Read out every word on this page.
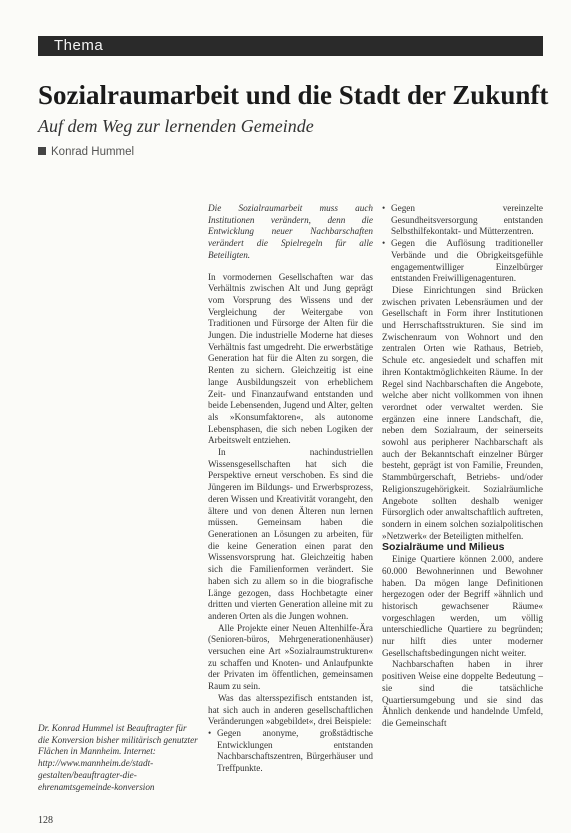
Thema
Sozialraumarbeit und die Stadt der Zukunft
Auf dem Weg zur lernenden Gemeinde
Konrad Hummel

Die Sozialraumarbeit muss auch Institutionen verändern, denn die Entwicklung neuer Nachbarschaften verändert die Spielregeln für alle Beteiligten.

In vormodernen Gesellschaften war das Verhältnis zwischen Alt und Jung geprägt vom Vorsprung des Wissens und der Vergleichung der Weitergabe von Traditionen und Fürsorge der Alten für die Jungen. Die industrielle Moderne hat dieses Verhältnis fast umgedreht. Die erwerbstätige Generation hat für die Alten zu sorgen, die Renten zu sichern. Gleichzeitig ist eine lange Ausbildungszeit von erheblichem Zeit- und Finanzaufwand entstanden und beide Lebensenden, Jugend und Alter, gelten als »Konsumfaktoren«, als autonome Lebensphasen, die sich neben Logiken der Arbeitswelt entziehen.

In nachindustriellen Wissensgesellschaften hat sich die Perspektive erneut verschoben. Es sind die Jüngeren im Bildungs- und Erwerbsprozess, deren Wissen und Kreativität vorangeht, den ältere und von denen Älteren nun lernen müssen. Gemeinsam haben die Generationen an Lösungen zu arbeiten, für die keine Generation einen parat den Wissensvorsprung hat. Gleichzeitig haben sich die Familienformen verändert. Sie haben sich zu allem so in die biografische Länge gezogen, dass Hochbetagte einer dritten und vierten Generation alleine mit zu anderen Orten als die Jungen wohnen.

Alle Projekte einer Neuen Altenhilfe-Ära (Senioren-büros, Mehrgenerationenhäuser) versuchen eine Art »Sozialraumstrukturen« zu schaffen und Knoten- und Anlaufpunkte der Privaten im öffentlichen, gemeinsamen Raum zu sein.

Was das altersspezifisch entstanden ist, hat sich auch in anderen gesellschaftlichen Veränderungen »abgebildet«, drei Beispiele:

• Gegen anonyme, großstädtische Entwicklungen entstanden Nachbarschaftszentren, Bürgerhäuser und Treffpunkte.
• Gegen vereinzelte Gesundheitsversorgung entstanden Selbsthilfekontakt- und Mütterzentren.
• Gegen die Auflösung traditioneller Verbände und die Obrigkeitsgefühle engagementwilliger Einzelbürger entstanden Freiwilligenagenturen.

Diese Einrichtungen sind Brücken zwischen privaten Lebensräumen und der Gesellschaft in Form ihrer Institutionen und Herrschaftsstrukturen. Sie sind im Zwischenraum von Wohnort und den zentralen Orten wie Rathaus, Betrieb, Schule etc. angesiedelt und schaffen mit ihren Kontaktmöglichkeiten Räume. In der Regel sind Nachbarschaften die Angebote, welche aber nicht vollkommen von ihnen verordnet oder verwaltet werden. Sie ergänzen eine innere Landschaft, die, neben dem Sozialraum, der seinerseits sowohl aus peripherer Nachbarschaft als auch der Bekanntschaft einzelner Bürger besteht, geprägt ist von Familie, Freunden, Stammbürgerschaft, Betriebs- und/oder Religionszugehörigkeit. Sozialräumliche Angebote sollten deshalb weniger Fürsorglich oder anwaltschaftlich auftreten, sondern in einem solchen sozialpolitischen »Netzwerk« der Beteiligten mithelfen.

Sozialräume und Milieus

Einige Quartiere können 2.000, andere 60.000 Bewohnerinnen und Bewohner haben. Da mögen lange Definitionen hergezogen oder der Begriff »ähnlich und historisch gewachsener Räume« vorgeschlagen werden, um völlig unterschiedliche Quartiere zu begründen; nur hilft dies unter moderner Gesellschaftsbedingungen nicht weiter.

Nachbarschaften haben in ihrer positiven Weise eine doppelte Bedeutung – sie sind die tatsächliche Quartiersumgebung und sie sind das Ähnlich denkende und handelnde Umfeld, die Gemeinschaft

Dr. Konrad Hummel ist Beauftragter für die Konversion bisher militärisch genutzter Flächen in Mannheim. Internet: http://www.mannheim.de/stadt-gestalten/beauftragter-die-ehrenamtsgemeinde-konversion
128
